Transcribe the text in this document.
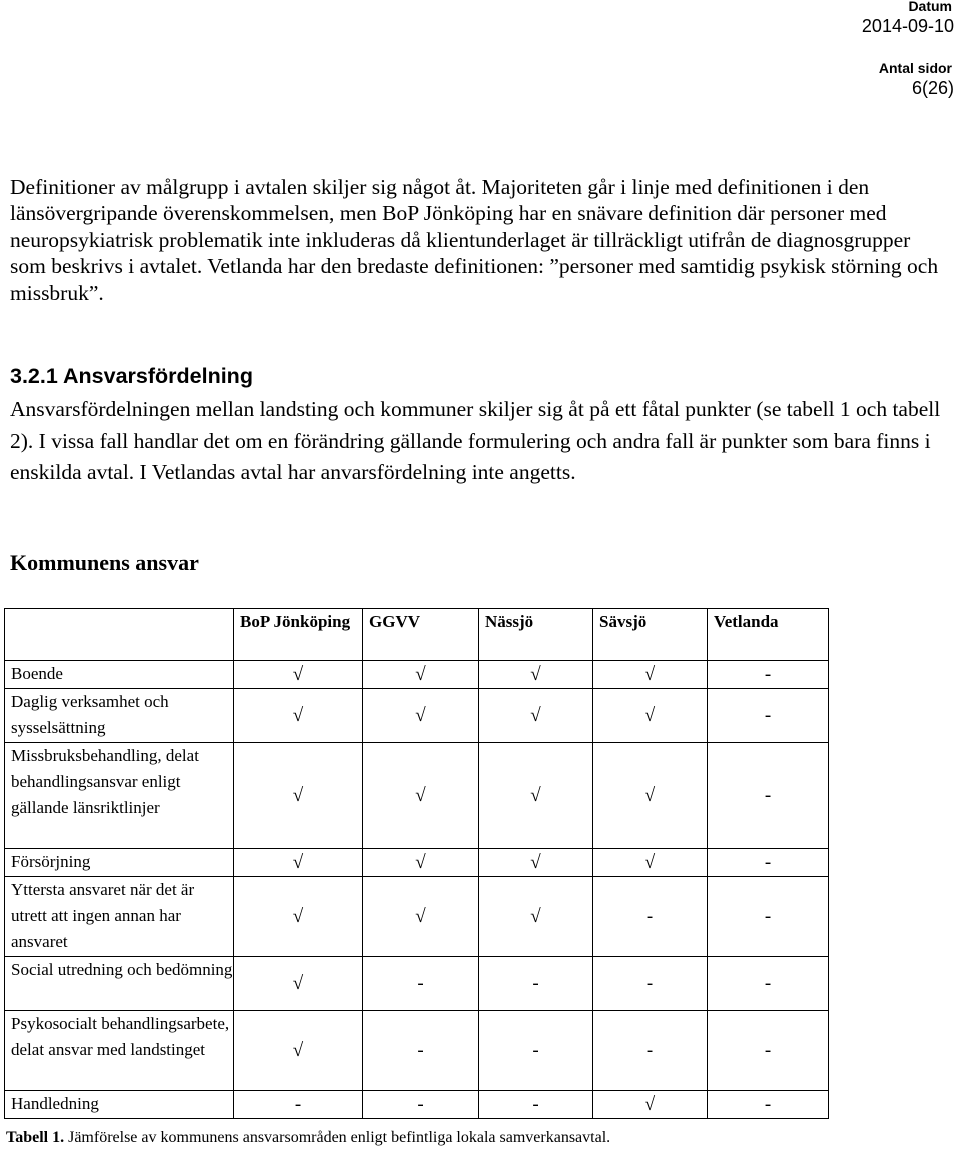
Datum
2014-09-10
Antal sidor
6(26)

Definitioner av målgrupp i avtalen skiljer sig något åt. Majoriteten går i linje med definitionen i den länsövergripande överenskommelsen, men BoP Jönköping har en snävare definition där personer med neuropsykiatrisk problematik inte inkluderas då klientunderlaget är tillräckligt utifrån de diagnosgrupper som beskrivs i avtalet. Vetlanda har den bredaste definitionen: ”personer med samtidig psykisk störning och missbruk”.

3.2.1 Ansvarsfördelning

Ansvarsfördelningen mellan landsting och kommuner skiljer sig åt på ett fåtal punkter (se tabell 1 och tabell 2). I vissa fall handlar det om en förändring gällande formulering och andra fall är punkter som bara finns i enskilda avtal. I Vetlandas avtal har anvarsfördelning inte angetts.

Kommunens ansvar
	BoP Jönköping	GGVV	Nässjö	Sävsjö	Vetlanda
Boende	√	√	√	√	-
Daglig verksamhet och sysselsättning	√	√	√	√	-
Missbruksbehandling, delat behandlingsansvar enligt gällande länsriktlinjer	√	√	√	√	-
Försörjning	√	√	√	√	-
Yttersta ansvaret när det är utrett att ingen annan har ansvaret	√	√	√	-	-
Social utredning och bedömning	√	-	-	-	-
Psykosocialt behandlingsarbete, delat ansvar med landstinget	√	-	-	-	-
Handledning	-	-	-	√	-

Tabell 1. Jämförelse av kommunens ansvarsområden enligt befintliga lokala samverkansavtal.
